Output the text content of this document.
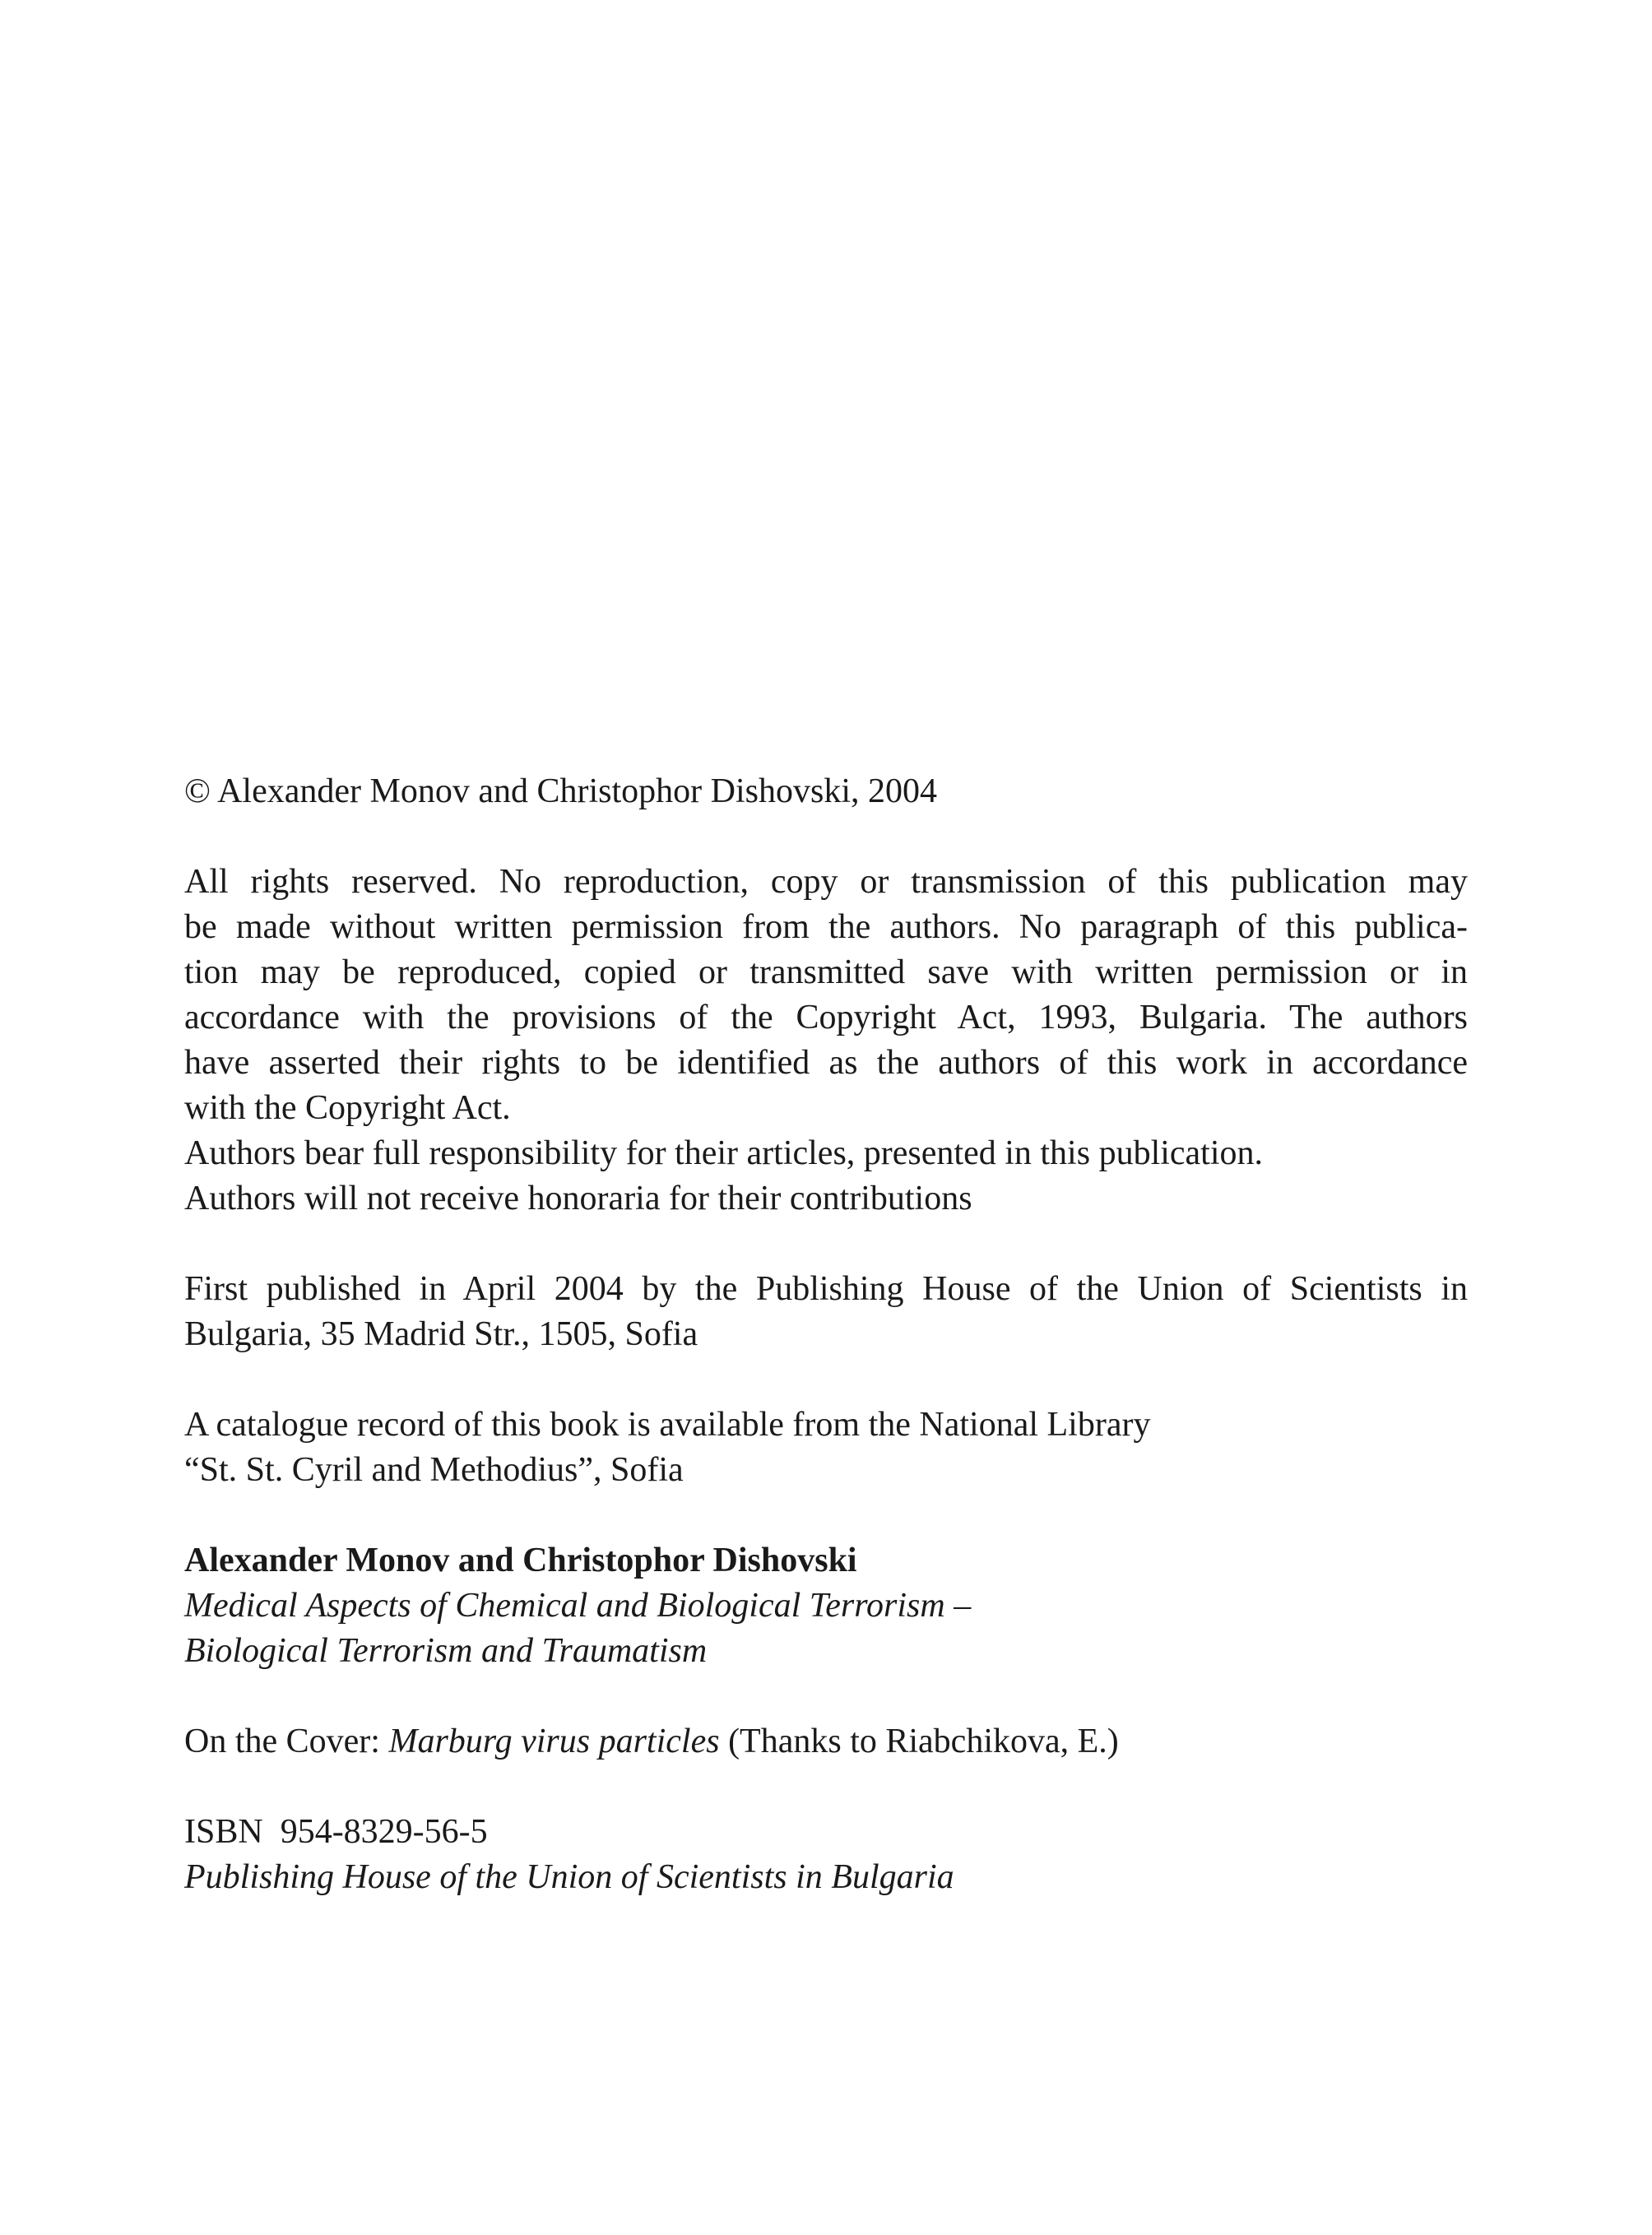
© Alexander Monov and Christophor Dishovski, 2004

All rights reserved. No reproduction, copy or transmission of this publication may
be made without written permission from the authors. No paragraph of this publica-
tion may be reproduced, copied or transmitted save with written permission or in
accordance with the provisions of the Copyright Act, 1993, Bulgaria. The authors
have asserted their rights to be identified as the authors of this work in accordance
with the Copyright Act.
Authors bear full responsibility for their articles, presented in this publication.
Authors will not receive honoraria for their contributions

First published in April 2004 by the Publishing House of the Union of Scientists in
Bulgaria, 35 Madrid Str., 1505, Sofia

A catalogue record of this book is available from the National Library
“St. St. Cyril and Methodius”, Sofia

Alexander Monov and Christophor Dishovski
Medical Aspects of Chemical and Biological Terrorism –
Biological Terrorism and Traumatism

On the Cover: Marburg virus particles (Thanks to Riabchikova, E.)

ISBN  954-8329-56-5
Publishing House of the Union of Scientists in Bulgaria
